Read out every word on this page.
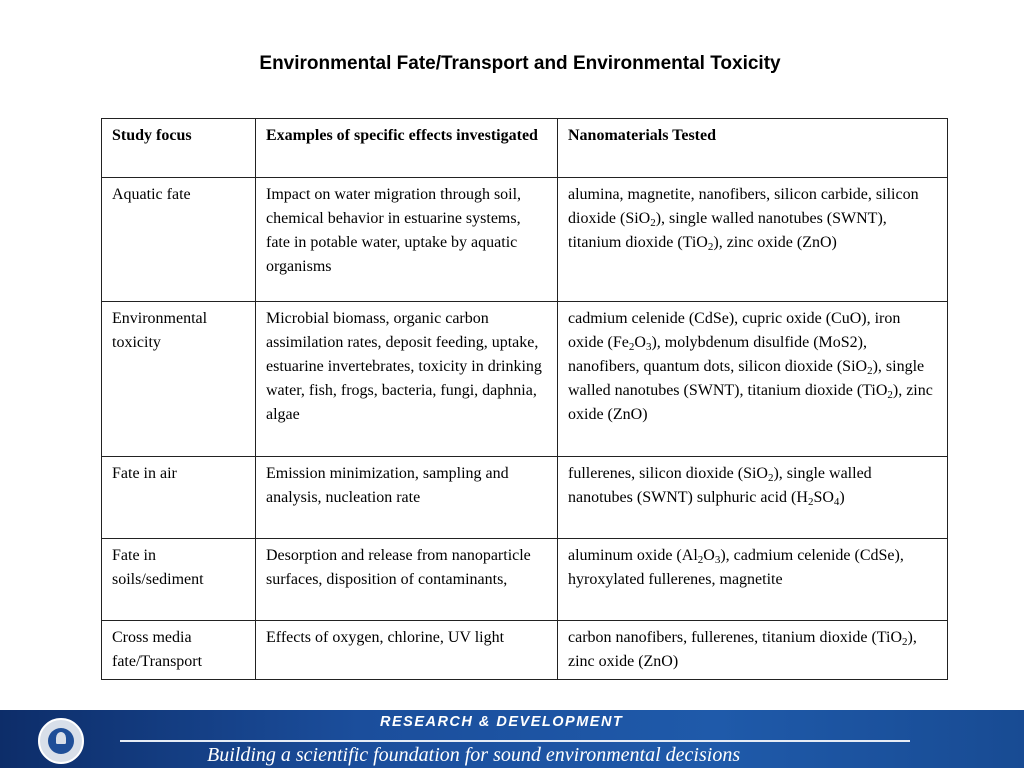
Environmental Fate/Transport and Environmental Toxicity
Study focus	Examples of specific effects investigated	Nanomaterials Tested
Aquatic fate	Impact on water migration through soil, chemical behavior in estuarine systems, fate in potable water, uptake by aquatic organisms	alumina, magnetite, nanofibers, silicon carbide, silicon dioxide (SiO$_2$), single walled nanotubes (SWNT), titanium dioxide (TiO$_2$), zinc oxide (ZnO)
Environmental toxicity	Microbial biomass, organic carbon assimilation rates, deposit feeding, uptake, estuarine invertebrates, toxicity in drinking water, fish, frogs, bacteria, fungi, daphnia, algae	cadmium celenide (CdSe), cupric oxide (CuO), iron oxide $(Fe_2O_3)$, molybdenum disulfide (MoS2), nanofibers, quantum dots, silicon dioxide (SiO$_2$), single walled nanotubes (SWNT), titanium dioxide (TiO$_2$), zinc oxide (ZnO)
Fate in air	Emission minimization, sampling and analysis, nucleation rate	fullerenes, silicon dioxide (SiO$_2$), single walled nanotubes (SWNT) sulphuric acid $(H_2SO_4)$
Fate in soils/sediment	Desorption and release from nanoparticle surfaces, disposition of contaminants,	aluminum oxide $(Al_2O_3)$, cadmium celenide (CdSe), hyroxylated fullerenes, magnetite
Cross media fate/Transport	Effects of oxygen, chlorine, UV light	carbon nanofibers, fullerenes, titanium dioxide (TiO$_2$), zinc oxide (ZnO)
RESEARCH & DEVELOPMENT
Building a scientific foundation for sound environmental decisions
